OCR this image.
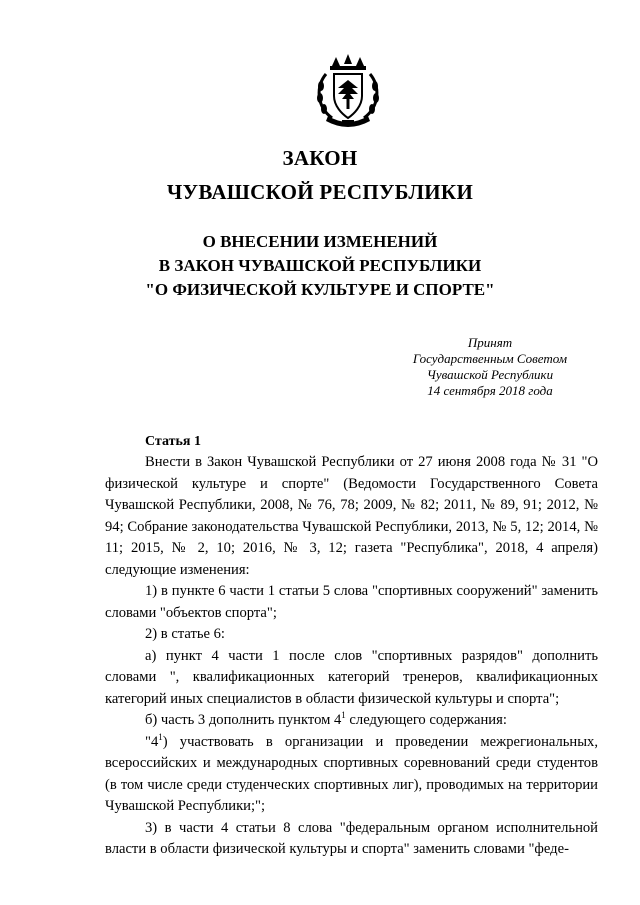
ЗАКОН
ЧУВАШСКОЙ РЕСПУБЛИКИ
О ВНЕСЕНИИ ИЗМЕНЕНИЙ
В ЗАКОН ЧУВАШСКОЙ РЕСПУБЛИКИ
"О ФИЗИЧЕСКОЙ КУЛЬТУРЕ И СПОРТЕ"
Принят
Государственным Советом
Чувашской Республики
14 сентября 2018 года
Статья 1

Внести в Закон Чувашской Республики от 27 июня 2008 года № 31 "О физической культуре и спорте" (Ведомости Государственного Совета Чувашской Республики, 2008, № 76, 78; 2009, № 82; 2011, № 89, 91; 2012, № 94; Собрание законодательства Чувашской Республики, 2013, № 5, 12; 2014, № 11; 2015, № 2, 10; 2016, № 3, 12; газета "Республика", 2018, 4 апреля) следующие изменения:

1) в пункте 6 части 1 статьи 5 слова "спортивных сооружений" заменить словами "объектов спорта";

2) в статье 6:

а) пункт 4 части 1 после слов "спортивных разрядов" дополнить словами ", квалификационных категорий тренеров, квалификационных категорий иных специалистов в области физической культуры и спорта";

б) часть 3 дополнить пунктом $4^1$ следующего содержания:

"$4^1$) участвовать в организации и проведении межрегиональных, всероссийских и международных спортивных соревнований среди студентов (в том числе среди студенческих спортивных лиг), проводимых на территории Чувашской Республики;";

3) в части 4 статьи 8 слова "федеральным органом исполнительной власти в области физической культуры и спорта" заменить словами "феде-
